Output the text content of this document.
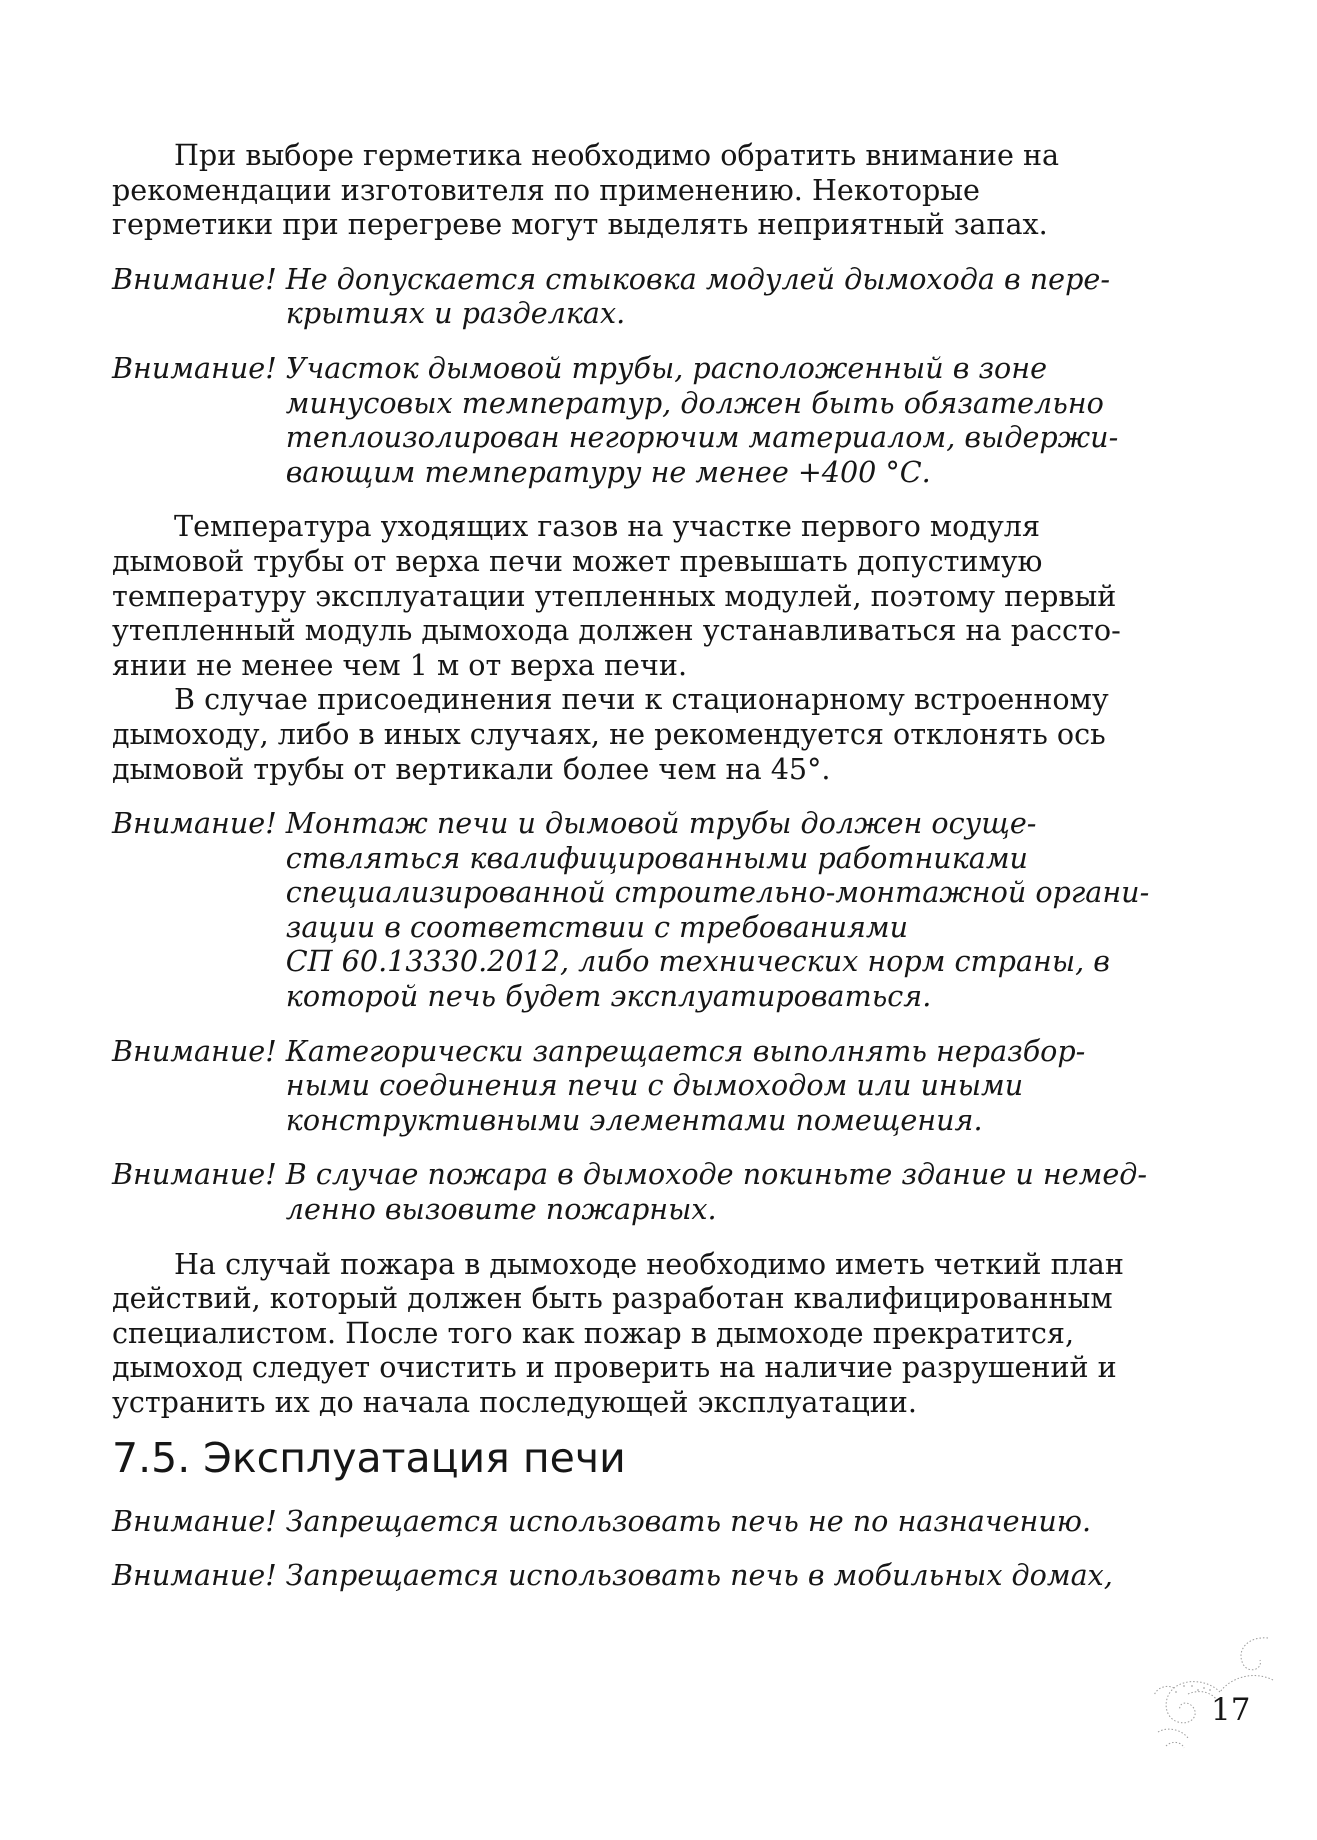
При выборе герметика необходимо обратить внимание на
рекомендации изготовителя по применению. Некоторые
герметики при перегреве могут выделять неприятный запах.

Внимание! Не допускается стыковка модулей дымохода в пере-
крытиях и разделках.
Внимание! Участок дымовой трубы, расположенный в зоне
минусовых температур, должен быть обязательно
теплоизолирован негорючим материалом, выдержи-
вающим температуру не менее +400 °С.

Температура уходящих газов на участке первого модуля
дымовой трубы от верха печи может превышать допустимую
температуру эксплуатации утепленных модулей, поэтому первый
утепленный модуль дымохода должен устанавливаться на рассто-
янии не менее чем 1 м от верха печи.

В случае присоединения печи к стационарному встроенному
дымоходу, либо в иных случаях, не рекомендуется отклонять ось
дымовой трубы от вертикали более чем на 45°.

Внимание! Монтаж печи и дымовой трубы должен осуще-
ствляться квалифицированными работниками
специализированной строительно-монтажной органи-
зации в соответствии с требованиями
СП 60.13330.2012, либо технических норм страны, в
которой печь будет эксплуатироваться.
Внимание! Категорически запрещается выполнять неразбор-
ными соединения печи с дымоходом или иными
конструктивными элементами помещения.
Внимание! В случае пожара в дымоходе покиньте здание и немед-
ленно вызовите пожарных.

На случай пожара в дымоходе необходимо иметь четкий план
действий, который должен быть разработан квалифицированным
специалистом. После того как пожар в дымоходе прекратится,
дымоход следует очистить и проверить на наличие разрушений и
устранить их до начала последующей эксплуатации.

7.5. Эксплуатация печи
Внимание! Запрещается использовать печь не по назначению.
Внимание! Запрещается использовать печь в мобильных домах,
17
